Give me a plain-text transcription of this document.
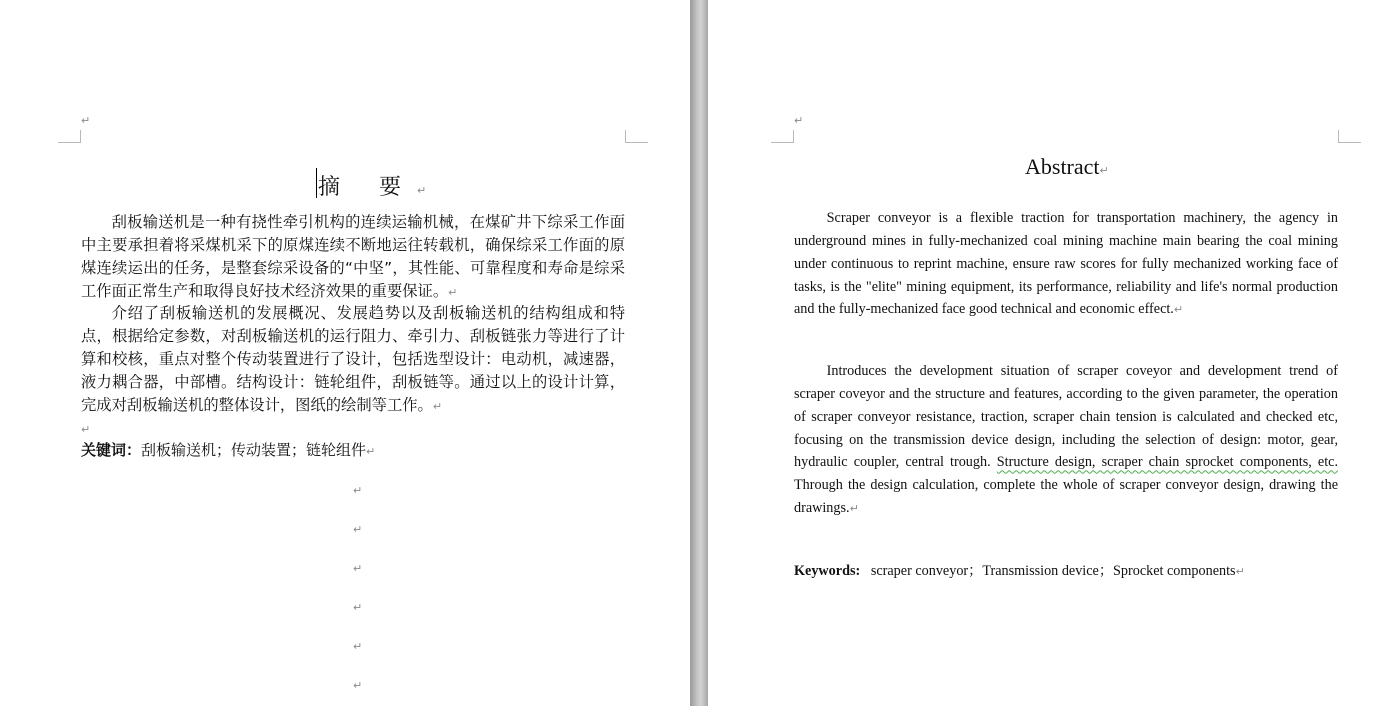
↵
摘 要↵
刮板输送机是一种有挠性牵引机构的连续运输机械，在煤矿井下综采工作面中主要承担着将采煤机采下的原煤连续不断地运往转载机，确保综采工作面的原煤连续运出的任务，是整套综采设备的“中坚”，其性能、可靠程度和寿命是综采工作面正常生产和取得良好技术经济效果的重要保证。↵
介绍了刮板输送机的发展概况、发展趋势以及刮板输送机的结构组成和特点，根据给定参数，对刮板输送机的运行阻力、牵引力、刮板链张力等进行了计算和校核，重点对整个传动装置进行了设计，包括选型设计：电动机，减速器，液力耦合器，中部槽。结构设计：链轮组件，刮板链等。通过以上的设计计算，完成对刮板输送机的整体设计，图纸的绘制等工作。↵
↵
关键词：刮板输送机；传动装置；链轮组件↵
↵
↵
↵
↵
↵
↵
↵
Abstract↵
Scraper conveyor is a flexible traction for transportation machinery, the agency in underground mines in fully-mechanized coal mining machine main bearing the coal mining under continuous to reprint machine, ensure raw scores for fully mechanized working face of tasks, is the "elite" mining equipment, its performance, reliability and life's normal production and the fully-mechanized face good technical and economic effect.↵
Introduces the development situation of scraper coveyor and development trend of scraper coveyor and the structure and features, according to the given parameter, the operation of scraper conveyor resistance, traction, scraper chain tension is calculated and checked etc, focusing on the transmission device design, including the selection of design: motor, gear, hydraulic coupler, central trough. Structure design, scraper chain sprocket components, etc. Through the design calculation, complete the whole of scraper conveyor design, drawing the drawings.↵
Keywords: scraper conveyor；Transmission device；Sprocket components↵
